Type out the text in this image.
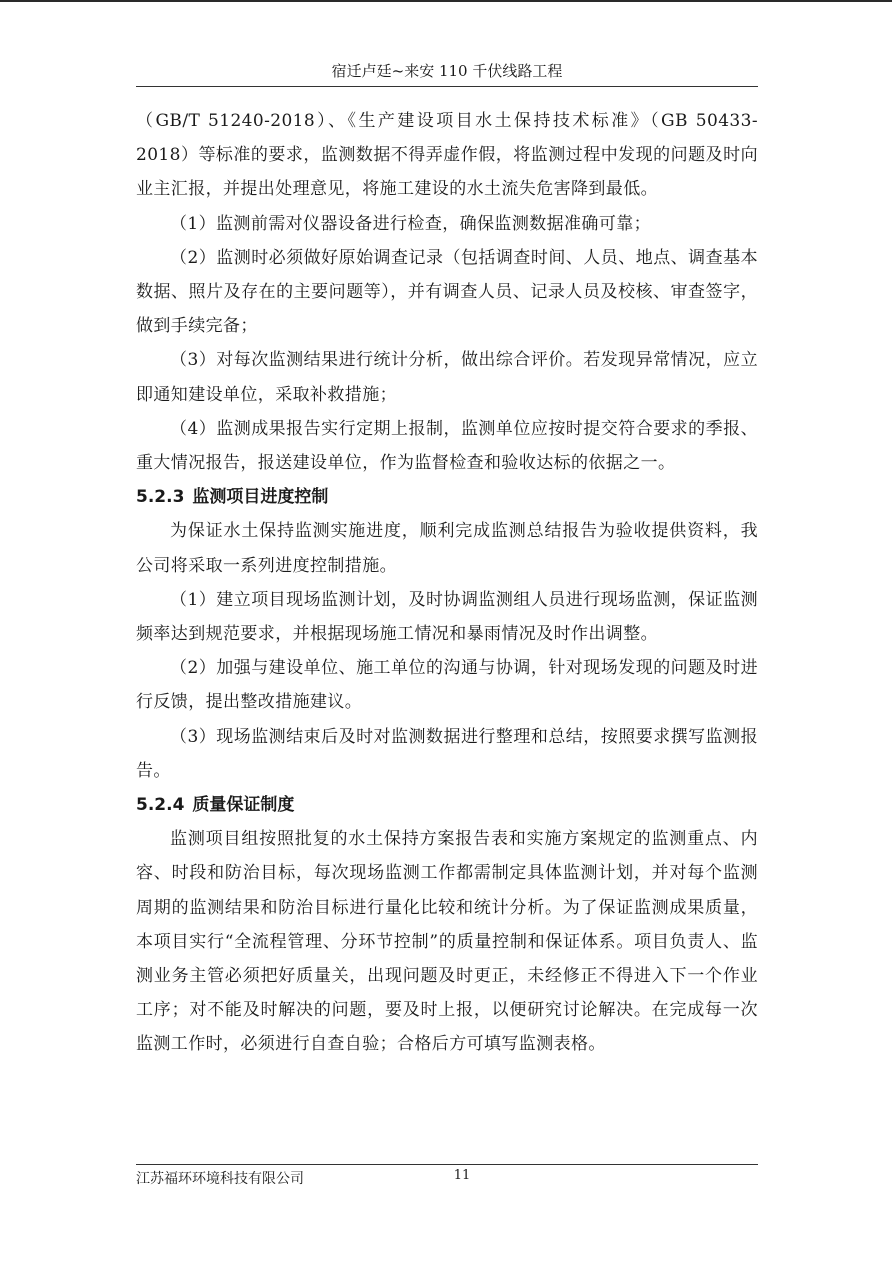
宿迁卢廷~来安 110 千伏线路工程

（GB/T 51240-2018）、《生产建设项目水土保持技术标准》（GB 50433-2018）等标准的要求，监测数据不得弄虚作假，将监测过程中发现的问题及时向业主汇报，并提出处理意见，将施工建设的水土流失危害降到最低。

（1）监测前需对仪器设备进行检查，确保监测数据准确可靠；

（2）监测时必须做好原始调查记录（包括调查时间、人员、地点、调查基本数据、照片及存在的主要问题等），并有调查人员、记录人员及校核、审查签字，做到手续完备；

（3）对每次监测结果进行统计分析，做出综合评价。若发现异常情况，应立即通知建设单位，采取补救措施；

（4）监测成果报告实行定期上报制，监测单位应按时提交符合要求的季报、重大情况报告，报送建设单位，作为监督检查和验收达标的依据之一。

5.2.3 监测项目进度控制

为保证水土保持监测实施进度，顺利完成监测总结报告为验收提供资料，我公司将采取一系列进度控制措施。

（1）建立项目现场监测计划，及时协调监测组人员进行现场监测，保证监测频率达到规范要求，并根据现场施工情况和暴雨情况及时作出调整。

（2）加强与建设单位、施工单位的沟通与协调，针对现场发现的问题及时进行反馈，提出整改措施建议。

（3）现场监测结束后及时对监测数据进行整理和总结，按照要求撰写监测报告。

5.2.4 质量保证制度

监测项目组按照批复的水土保持方案报告表和实施方案规定的监测重点、内容、时段和防治目标，每次现场监测工作都需制定具体监测计划，并对每个监测周期的监测结果和防治目标进行量化比较和统计分析。为了保证监测成果质量，本项目实行“全流程管理、分环节控制”的质量控制和保证体系。项目负责人、监测业务主管必须把好质量关，出现问题及时更正，未经修正不得进入下一个作业工序；对不能及时解决的问题，要及时上报，以便研究讨论解决。在完成每一次监测工作时，必须进行自查自验；合格后方可填写监测表格。

江苏福环环境科技有限公司	11
